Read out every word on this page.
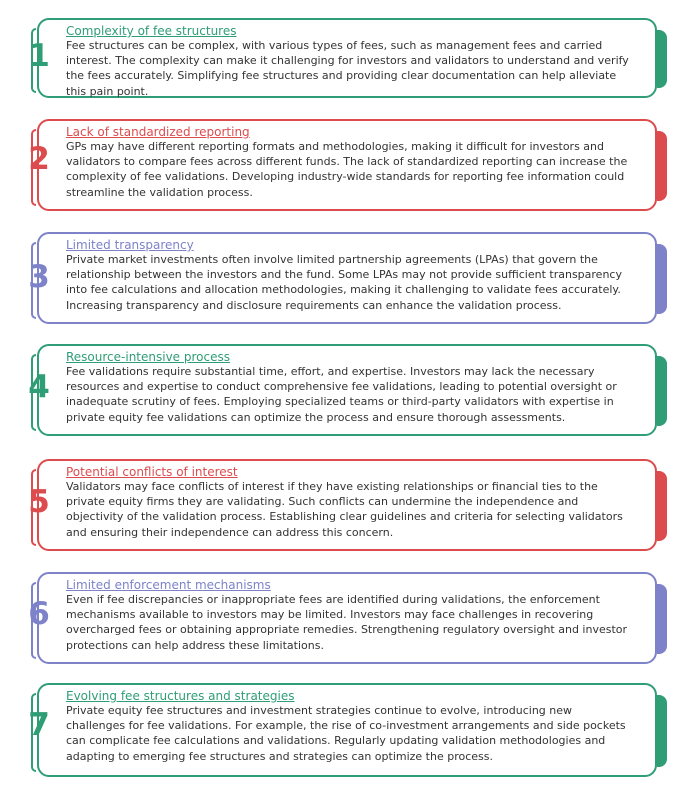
1
Complexity of fee structures
Fee structures can be complex, with various types of fees, such as management fees and carried interest. The complexity can make it challenging for investors and validators to understand and verify the fees accurately. Simplifying fee structures and providing clear documentation can help alleviate this pain point.
2
Lack of standardized reporting
GPs may have different reporting formats and methodologies, making it difficult for investors and validators to compare fees across different funds. The lack of standardized reporting can increase the complexity of fee validations. Developing industry-wide standards for reporting fee information could streamline the validation process.
3
Limited transparency
Private market investments often involve limited partnership agreements (LPAs) that govern the relationship between the investors and the fund. Some LPAs may not provide sufficient transparency into fee calculations and allocation methodologies, making it challenging to validate fees accurately. Increasing transparency and disclosure requirements can enhance the validation process.
4
Resource-intensive process
Fee validations require substantial time, effort, and expertise. Investors may lack the necessary resources and expertise to conduct comprehensive fee validations, leading to potential oversight or inadequate scrutiny of fees. Employing specialized teams or third-party validators with expertise in private equity fee validations can optimize the process and ensure thorough assessments.
5
Potential conflicts of interest
Validators may face conflicts of interest if they have existing relationships or financial ties to the private equity firms they are validating. Such conflicts can undermine the independence and objectivity of the validation process. Establishing clear guidelines and criteria for selecting validators and ensuring their independence can address this concern.
6
Limited enforcement mechanisms
Even if fee discrepancies or inappropriate fees are identified during validations, the enforcement mechanisms available to investors may be limited. Investors may face challenges in recovering overcharged fees or obtaining appropriate remedies. Strengthening regulatory oversight and investor protections can help address these limitations.
7
Evolving fee structures and strategies
Private equity fee structures and investment strategies continue to evolve, introducing new challenges for fee validations. For example, the rise of co-investment arrangements and side pockets can complicate fee calculations and validations. Regularly updating validation methodologies and adapting to emerging fee structures and strategies can optimize the process.
